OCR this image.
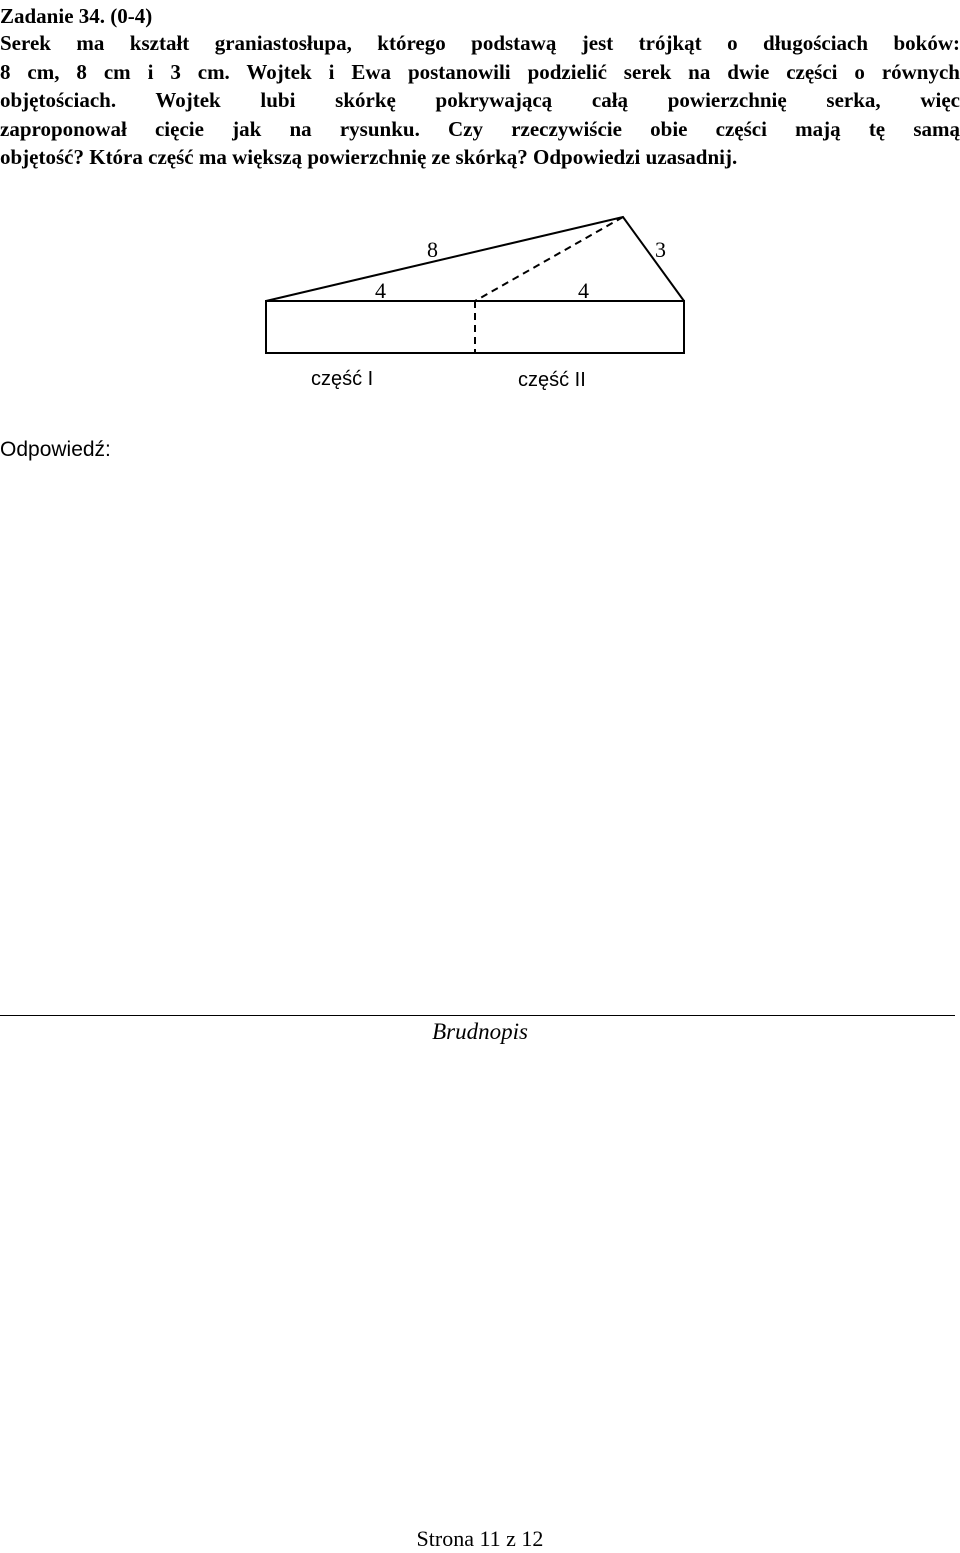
Zadanie 34. (0-4)
Serek ma kształt graniastosłupa, którego podstawą jest trójkąt o długościach boków:
8 cm, 8 cm i 3 cm. Wojtek i Ewa postanowili podzielić serek na dwie części o równych
objętościach. Wojtek lubi skórkę pokrywającą całą powierzchnię serka, więc
zaproponował cięcie jak na rysunku. Czy rzeczywiście obie części mają tę samą
objętość? Która część ma większą powierzchnię ze skórką? Odpowiedzi uzasadnij.
8	3
4	4
część I	część II
Odpowiedź:
Brudnopis
Strona 11 z 12
